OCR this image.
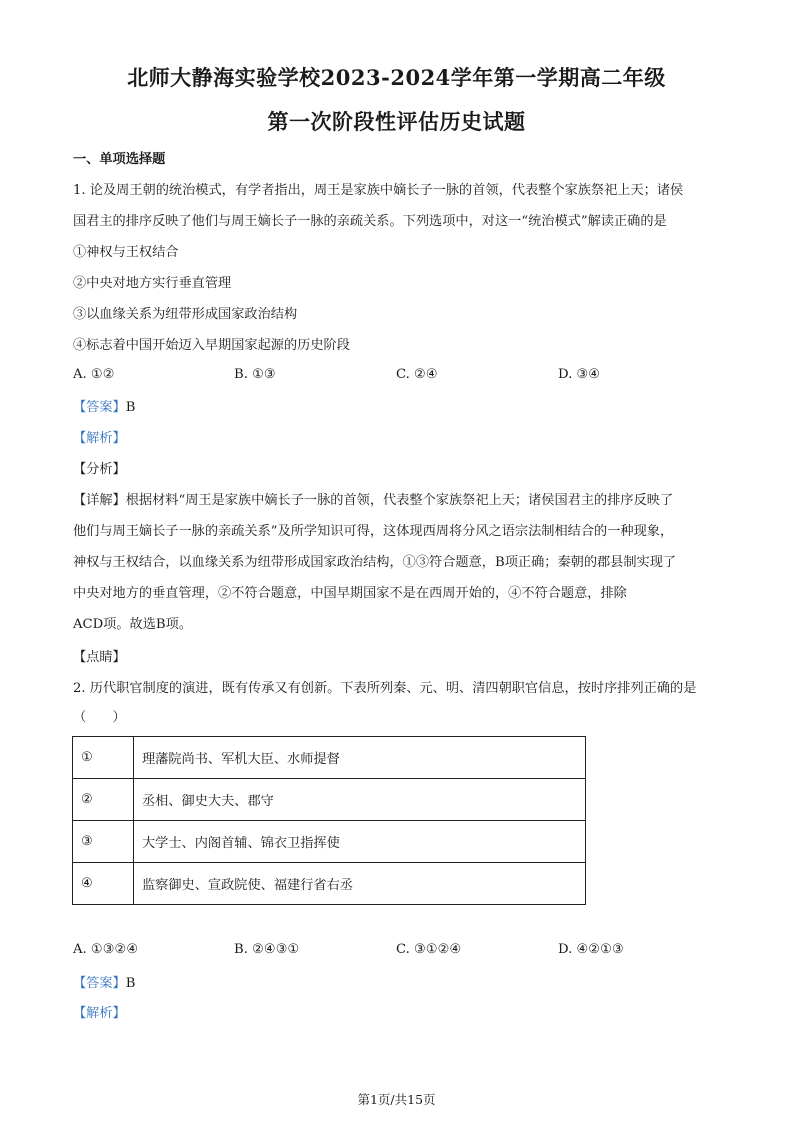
北师大静海实验学校2023-2024学年第一学期高二年级
第一次阶段性评估历史试题
一、单项选择题
1. 论及周王朝的统治模式，有学者指出，周王是家族中嫡长子一脉的首领，代表整个家族祭祀上天；诸侯
国君主的排序反映了他们与周王嫡长子一脉的亲疏关系。下列选项中，对这一“统治模式”解读正确的是
①神权与王权结合
②中央对地方实行垂直管理
③以血缘关系为纽带形成国家政治结构
④标志着中国开始迈入早期国家起源的历史阶段
A. ①②	B. ①③	C. ②④	D. ③④
【答案】B
【解析】
【分析】
【详解】根据材料“周王是家族中嫡长子一脉的首领，代表整个家族祭祀上天；诸侯国君主的排序反映了
他们与周王嫡长子一脉的亲疏关系”及所学知识可得，这体现西周将分风之语宗法制相结合的一种现象，
神权与王权结合，以血缘关系为纽带形成国家政治结构，①③符合题意，B项正确；秦朝的郡县制实现了
中央对地方的垂直管理，②不符合题意，中国早期国家不是在西周开始的，④不符合题意，排除
ACD项。故选B项。
【点睛】
2. 历代职官制度的演进，既有传承又有创新。下表所列秦、元、明、清四朝职官信息，按时序排列正确的是
（　　）
①	理藩院尚书、军机大臣、水师提督
②	丞相、御史大夫、郡守
③	大学士、内阁首辅、锦衣卫指挥使
④	监察御史、宣政院使、福建行省右丞
A. ①③②④	B. ②④③①	C. ③①②④	D. ④②①③
【答案】B
【解析】
第1页/共15页
